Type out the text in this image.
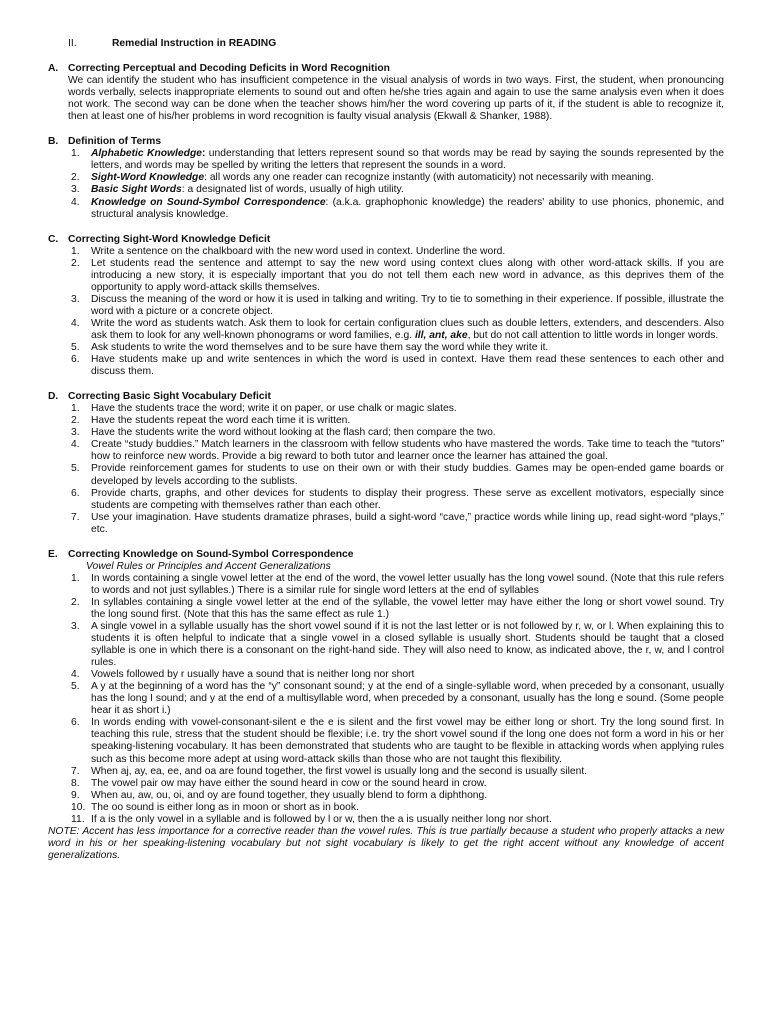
II.	Remedial Instruction in READING
A. Correcting Perceptual and Decoding Deficits in Word Recognition
We can identify the student who has insufficient competence in the visual analysis of words in two ways. First, the student, when pronouncing words verbally, selects inappropriate elements to sound out and often he/she tries again and again to use the same analysis even when it does not work. The second way can be done when the teacher shows him/her the word covering up parts of it, if the student is able to recognize it, then at least one of his/her problems in word recognition is faulty visual analysis (Ekwall & Shanker, 1988).
B. Definition of Terms
1.	Alphabetic Knowledge: understanding that letters represent sound so that words may be read by saying the sounds represented by the letters, and words may be spelled by writing the letters that represent the sounds in a word.
2.	Sight-Word Knowledge: all words any one reader can recognize instantly (with automaticity) not necessarily with meaning.
3.	Basic Sight Words: a designated list of words, usually of high utility.
4.	Knowledge on Sound-Symbol Correspondence: (a.k.a. graphophonic knowledge) the readers' ability to use phonics, phonemic, and structural analysis knowledge.
C. Correcting Sight-Word Knowledge Deficit
1.	Write a sentence on the chalkboard with the new word used in context. Underline the word.
2.	Let students read the sentence and attempt to say the new word using context clues along with other word-attack skills. If you are introducing a new story, it is especially important that you do not tell them each new word in advance, as this deprives them of the opportunity to apply word-attack skills themselves.
3.	Discuss the meaning of the word or how it is used in talking and writing. Try to tie to something in their experience. If possible, illustrate the word with a picture or a concrete object.
4.	Write the word as students watch. Ask them to look for certain configuration clues such as double letters, extenders, and descenders. Also ask them to look for any well-known phonograms or word families, e.g. ill, ant, ake, but do not call attention to little words in longer words.
5.	Ask students to write the word themselves and to be sure have them say the word while they write it.
6.	Have students make up and write sentences in which the word is used in context. Have them read these sentences to each other and discuss them.
D. Correcting Basic Sight Vocabulary Deficit
1.	Have the students trace the word; write it on paper, or use chalk or magic slates.
2.	Have the students repeat the word each time it is written.
3.	Have the students write the word without looking at the flash card; then compare the two.
4.	Create “study buddies.” Match learners in the classroom with fellow students who have mastered the words. Take time to teach the “tutors” how to reinforce new words. Provide a big reward to both tutor and learner once the learner has attained the goal.
5.	Provide reinforcement games for students to use on their own or with their study buddies. Games may be open-ended game boards or developed by levels according to the sublists.
6.	Provide charts, graphs, and other devices for students to display their progress. These serve as excellent motivators, especially since students are competing with themselves rather than each other.
7.	Use your imagination. Have students dramatize phrases, build a sight-word “cave,” practice words while lining up, read sight-word “plays,” etc.
E. Correcting Knowledge on Sound-Symbol Correspondence
Vowel Rules or Principles and Accent Generalizations
1.	In words containing a single vowel letter at the end of the word, the vowel letter usually has the long vowel sound. (Note that this rule refers to words and not just syllables.) There is a similar rule for single word letters at the end of syllables
2.	In syllables containing a single vowel letter at the end of the syllable, the vowel letter may have either the long or short vowel sound. Try the long sound first. (Note that this has the same effect as rule 1.)
3.	A single vowel in a syllable usually has the short vowel sound if it is not the last letter or is not followed by r, w, or l. When explaining this to students it is often helpful to indicate that a single vowel in a closed syllable is usually short. Students should be taught that a closed syllable is one in which there is a consonant on the right-hand side. They will also need to know, as indicated above, the r, w, and l control rules.
4.	Vowels followed by r usually have a sound that is neither long nor short
5.	A y at the beginning of a word has the “y” consonant sound; y at the end of a single-syllable word, when preceded by a consonant, usually has the long I sound; and y at the end of a multisyllable word, when preceded by a consonant, usually has the long e sound. (Some people hear it as short i.)
6.	In words ending with vowel-consonant-silent e the e is silent and the first vowel may be either long or short. Try the long sound first. In teaching this rule, stress that the student should be flexible; i.e. try the short vowel sound if the long one does not form a word in his or her speaking-listening vocabulary. It has been demonstrated that students who are taught to be flexible in attacking words when applying rules such as this become more adept at using word-attack skills than those who are not taught this flexibility.
7.	When aj, ay, ea, ee, and oa are found together, the first vowel is usually long and the second is usually silent.
8.	The vowel pair ow may have either the sound heard in cow or the sound heard in crow.
9.	When au, aw, ou, oi, and oy are found together, they usually blend to form a diphthong.
10. The oo sound is either long as in moon or short as in book.
11. If a is the only vowel in a syllable and is followed by l or w, then the a is usually neither long nor short.
NOTE: Accent has less importance for a corrective reader than the vowel rules. This is true partially because a student who properly attacks a new word in his or her speaking-listening vocabulary but not sight vocabulary is likely to get the right accent without any knowledge of accent generalizations.
